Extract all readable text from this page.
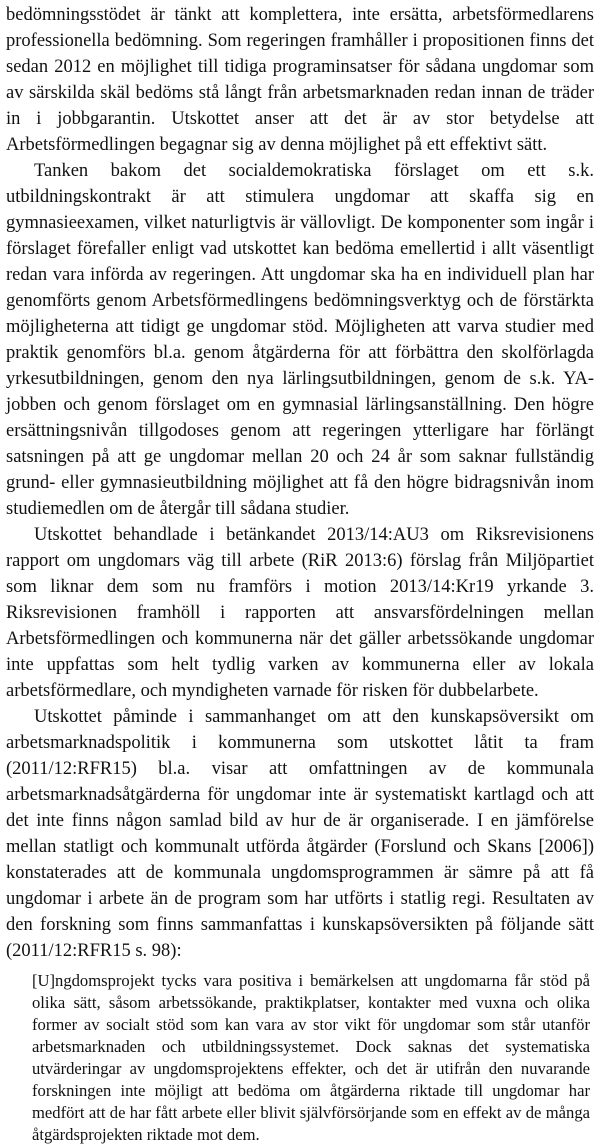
bedömningsstödet är tänkt att komplettera, inte ersätta, arbetsförmedlarens professionella bedömning. Som regeringen framhåller i propositionen finns det sedan 2012 en möjlighet till tidiga programinsatser för sådana ungdomar som av särskilda skäl bedöms stå långt från arbetsmarknaden redan innan de träder in i jobbgarantin. Utskottet anser att det är av stor betydelse att Arbetsförmedlingen begagnar sig av denna möjlighet på ett effektivt sätt.

Tanken bakom det socialdemokratiska förslaget om ett s.k. utbildningskontrakt är att stimulera ungdomar att skaffa sig en gymnasieexamen, vilket naturligtvis är vällovligt. De komponenter som ingår i förslaget förefaller enligt vad utskottet kan bedöma emellertid i allt väsentligt redan vara införda av regeringen. Att ungdomar ska ha en individuell plan har genomförts genom Arbetsförmedlingens bedömningsverktyg och de förstärkta möjligheterna att tidigt ge ungdomar stöd. Möjligheten att varva studier med praktik genomförs bl.a. genom åtgärderna för att förbättra den skolförlagda yrkesutbildningen, genom den nya lärlingsutbildningen, genom de s.k. YA-jobben och genom förslaget om en gymnasial lärlingsanställning. Den högre ersättningsnivån tillgodoses genom att regeringen ytterligare har förlängt satsningen på att ge ungdomar mellan 20 och 24 år som saknar fullständig grund- eller gymnasieutbildning möjlighet att få den högre bidragsnivån inom studiemedlen om de återgår till sådana studier.

Utskottet behandlade i betänkandet 2013/14:AU3 om Riksrevisionens rapport om ungdomars väg till arbete (RiR 2013:6) förslag från Miljöpartiet som liknar dem som nu framförs i motion 2013/14:Kr19 yrkande 3. Riksrevisionen framhöll i rapporten att ansvarsfördelningen mellan Arbetsförmedlingen och kommunerna när det gäller arbetssökande ungdomar inte uppfattas som helt tydlig varken av kommunerna eller av lokala arbetsförmedlare, och myndigheten varnade för risken för dubbelarbete.

Utskottet påminde i sammanhanget om att den kunskapsöversikt om arbetsmarknadspolitik i kommunerna som utskottet låtit ta fram (2011/12:RFR15) bl.a. visar att omfattningen av de kommunala arbetsmarknadsåtgärderna för ungdomar inte är systematiskt kartlagd och att det inte finns någon samlad bild av hur de är organiserade. I en jämförelse mellan statligt och kommunalt utförda åtgärder (Forslund och Skans [2006]) konstaterades att de kommunala ungdomsprogrammen är sämre på att få ungdomar i arbete än de program som har utförts i statlig regi. Resultaten av den forskning som finns sammanfattas i kunskapsöversikten på följande sätt (2011/12:RFR15 s. 98):

[U]ngdomsprojekt tycks vara positiva i bemärkelsen att ungdomarna får stöd på olika sätt, såsom arbetssökande, praktikplatser, kontakter med vuxna och olika former av socialt stöd som kan vara av stor vikt för ungdomar som står utanför arbetsmarknaden och utbildningssystemet. Dock saknas det systematiska utvärderingar av ungdomsprojektens effekter, och det är utifrån den nuvarande forskningen inte möjligt att bedöma om åtgärderna riktade till ungdomar har medfört att de har fått arbete eller blivit självförsörjande som en effekt av de många åtgärdsprojekten riktade mot dem.
